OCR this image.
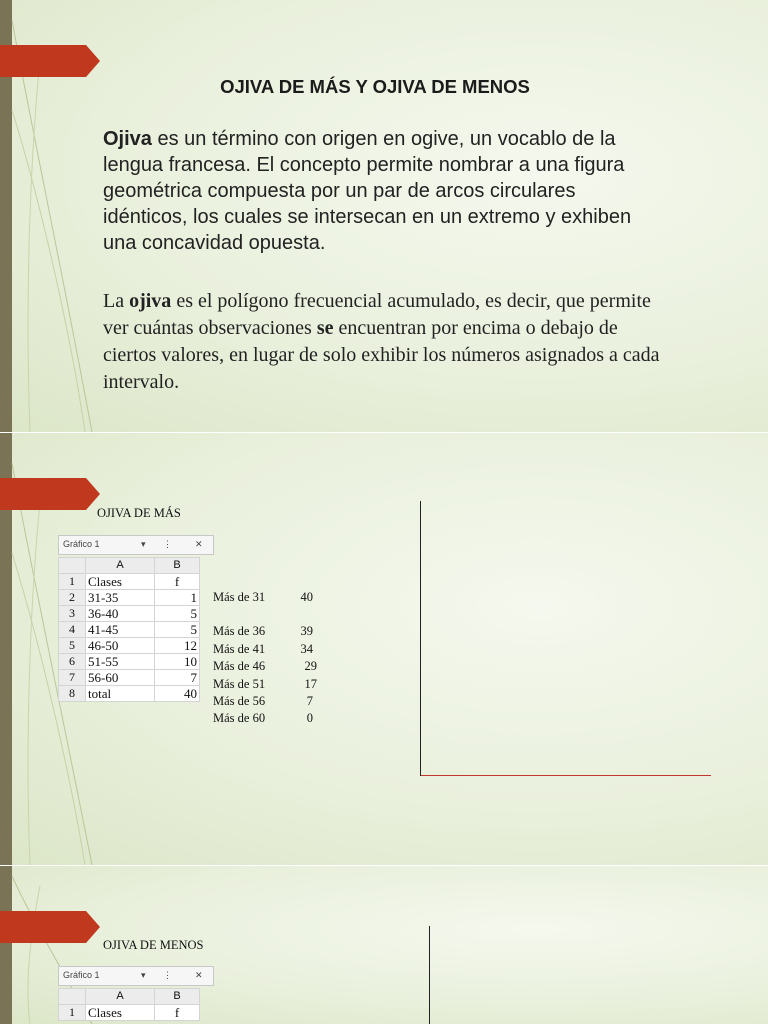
OJIVA DE MÁS Y OJIVA DE MENOS
Ojiva es un término con origen en ogive, un vocablo de la lengua francesa. El concepto permite nombrar a una figura geométrica compuesta por un par de arcos circulares idénticos, los cuales se intersecan en un extremo y exhiben una concavidad opuesta.
La ojiva es el polígono frecuencial acumulado, es decir, que permite ver cuántas observaciones se encuentran por encima o debajo de ciertos valores, en lugar de solo exhibir los números asignados a cada intervalo.
OJIVA DE MÁS
Gráfico 1	▾ ⋮	✕
	A	B
1	Clases	f
2	31-35	1
3	36-40	5
4	41-45	5
5	46-50	12
6	51-55	10
7	56-60	7
8	total	40
Más de 31	40
Más de 36	39
Más de 41	34
Más de 46	29
Más de 51	17
Más de 56	7
Más de 60	0
OJIVA DE MENOS
Gráfico 1	▾ ⋮	✕
	A	B
1	Clases	f
